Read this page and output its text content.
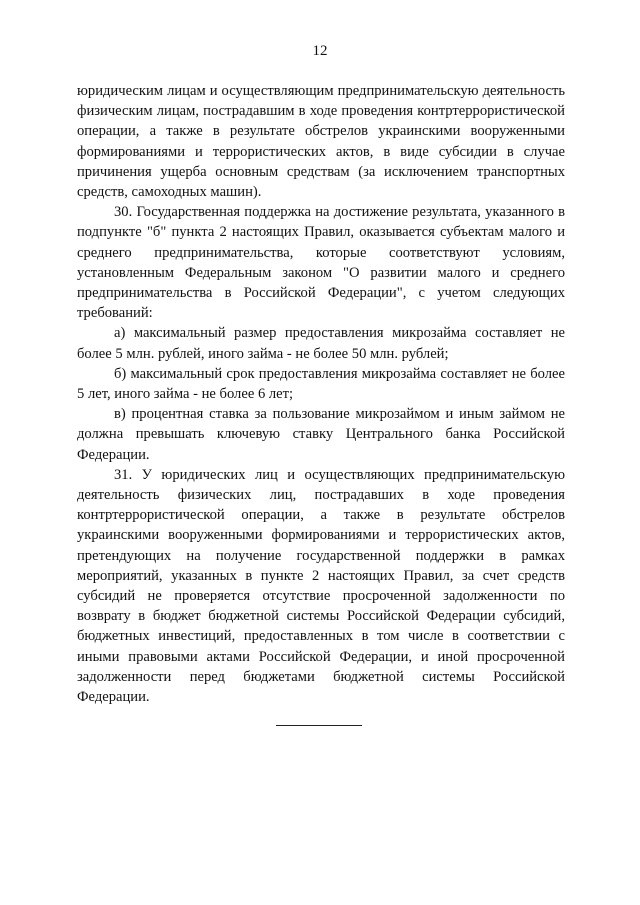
12

юридическим лицам и осуществляющим предпринимательскую деятельность физическим лицам, пострадавшим в ходе проведения контртеррористической операции, а также в результате обстрелов украинскими вооруженными формированиями и террористических актов, в виде субсидии в случае причинения ущерба основным средствам (за исключением транспортных средств, самоходных машин).

30. Государственная поддержка на достижение результата, указанного в подпункте "б" пункта 2 настоящих Правил, оказывается субъектам малого и среднего предпринимательства, которые соответствуют условиям, установленным Федеральным законом "О развитии малого и среднего предпринимательства в Российской Федерации", с учетом следующих требований:

а) максимальный размер предоставления микрозайма составляет не более 5 млн. рублей, иного займа - не более 50 млн. рублей;

б) максимальный срок предоставления микрозайма составляет не более 5 лет, иного займа - не более 6 лет;

в) процентная ставка за пользование микрозаймом и иным займом не должна превышать ключевую ставку Центрального банка Российской Федерации.

31. У юридических лиц и осуществляющих предпринимательскую деятельность физических лиц, пострадавших в ходе проведения контртеррористической операции, а также в результате обстрелов украинскими вооруженными формированиями и террористических актов, претендующих на получение государственной поддержки в рамках мероприятий, указанных в пункте 2 настоящих Правил, за счет средств субсидий не проверяется отсутствие просроченной задолженности по возврату в бюджет бюджетной системы Российской Федерации субсидий, бюджетных инвестиций, предоставленных в том числе в соответствии с иными правовыми актами Российской Федерации, и иной просроченной задолженности перед бюджетами бюджетной системы Российской Федерации.
